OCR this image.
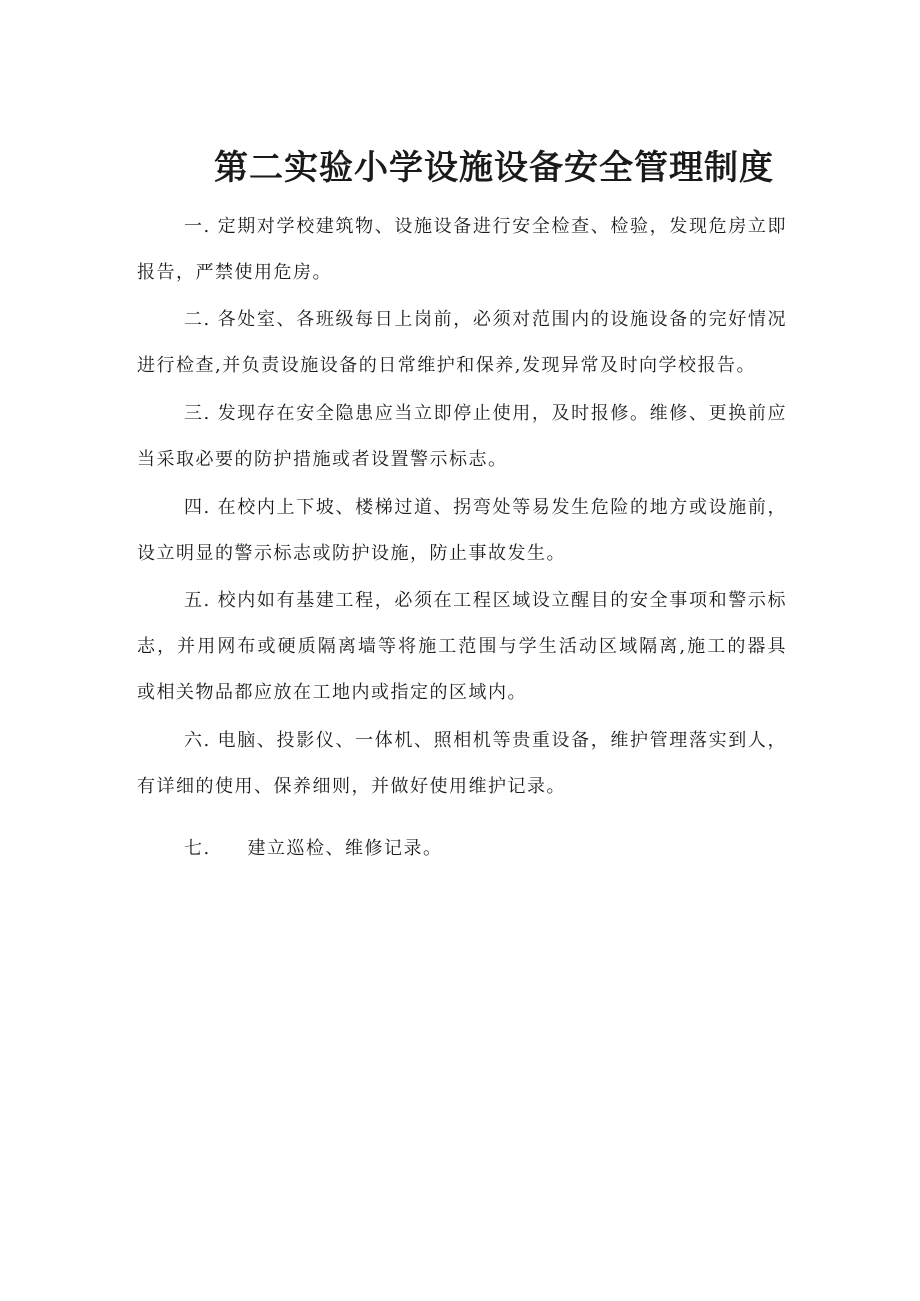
第二实验小学设施设备安全管理制度

一. 定期对学校建筑物、设施设备进行安全检查、检验，发现危房立即报告，严禁使用危房。

二. 各处室、各班级每日上岗前，必须对范围内的设施设备的完好情况进行检查,并负责设施设备的日常维护和保养,发现异常及时向学校报告。

三. 发现存在安全隐患应当立即停止使用，及时报修。维修、更换前应当采取必要的防护措施或者设置警示标志。

四. 在校内上下坡、楼梯过道、拐弯处等易发生危险的地方或设施前，设立明显的警示标志或防护设施，防止事故发生。

五. 校内如有基建工程，必须在工程区域设立醒目的安全事项和警示标志，并用网布或硬质隔离墙等将施工范围与学生活动区域隔离,施工的器具或相关物品都应放在工地内或指定的区域内。

六. 电脑、投影仪、一体机、照相机等贵重设备，维护管理落实到人，有详细的使用、保养细则，并做好使用维护记录。

七. 建立巡检、维修记录。
